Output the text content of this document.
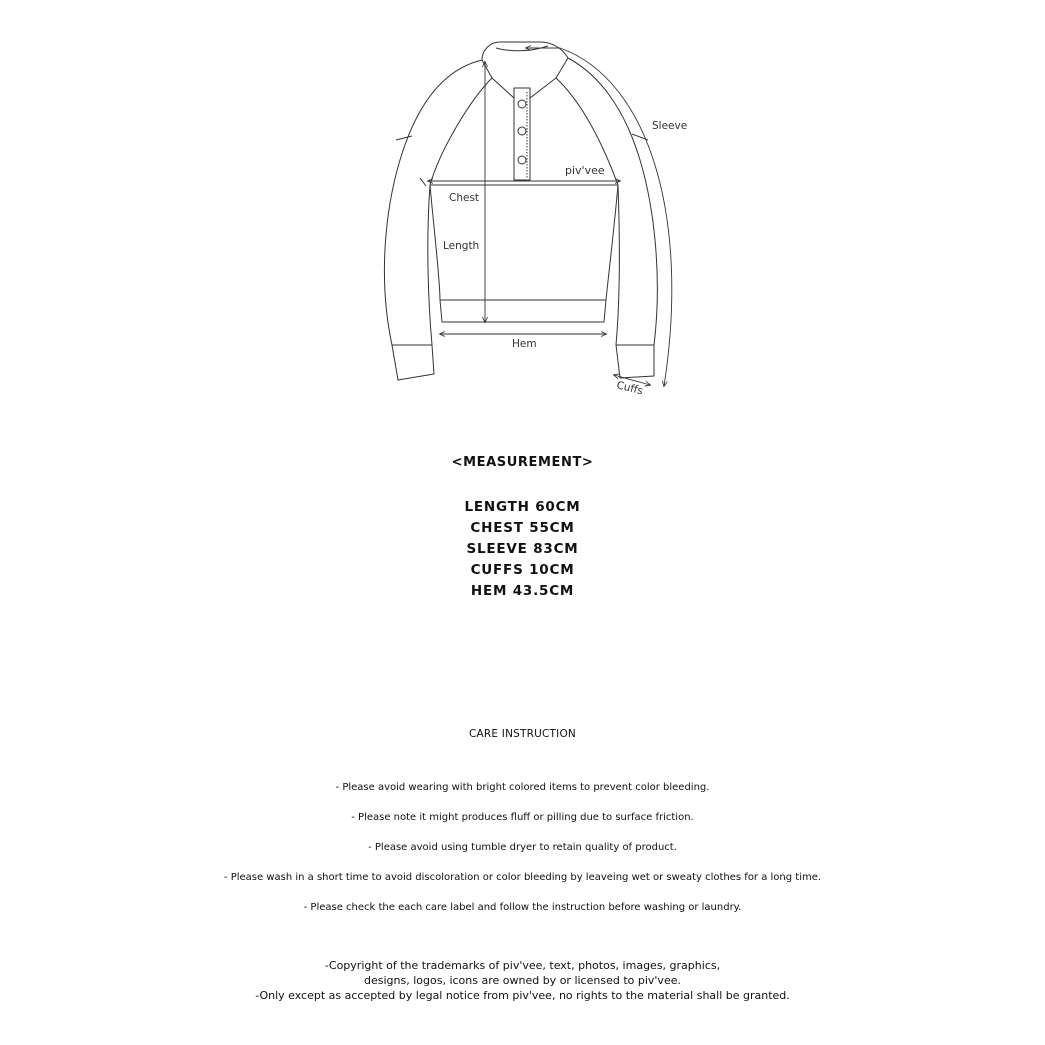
Sleeve
piv'vee
Chest
Length
Hem
Cuffs
<MEASUREMENT>
LENGTH 60CM
CHEST 55CM
SLEEVE 83CM
CUFFS 10CM
HEM 43.5CM
CARE INSTRUCTION
- Please avoid wearing with bright colored items to prevent color bleeding.
- Please note it might produces fluff or pilling due to surface friction.
- Please avoid using tumble dryer to retain quality of product.
- Please wash in a short time to avoid discoloration or color bleeding by leaveing wet or sweaty clothes for a long time.
- Please check the each care label and follow the instruction before washing or laundry.
-Copyright of the trademarks of piv'vee, text, photos, images, graphics,
designs, logos, icons are owned by or licensed to piv'vee.
-Only except as accepted by legal notice from piv'vee, no rights to the material shall be granted.
